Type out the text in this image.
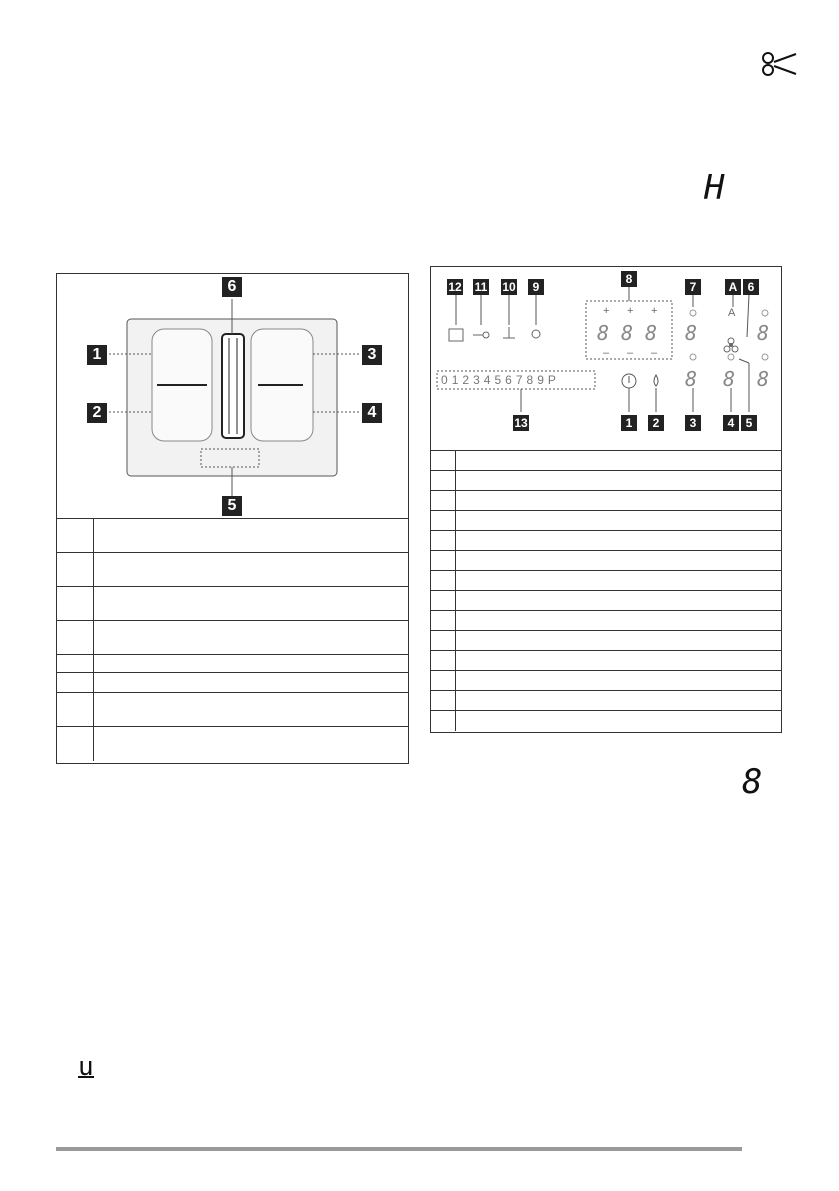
H
8
u
1
2
3
4
5
6

		12 11 10	9
8
7	A 6
13	1	2	3	4 5
+ + +
– – –
8 8 8 8	8
8 8 8
A
0123456789P
